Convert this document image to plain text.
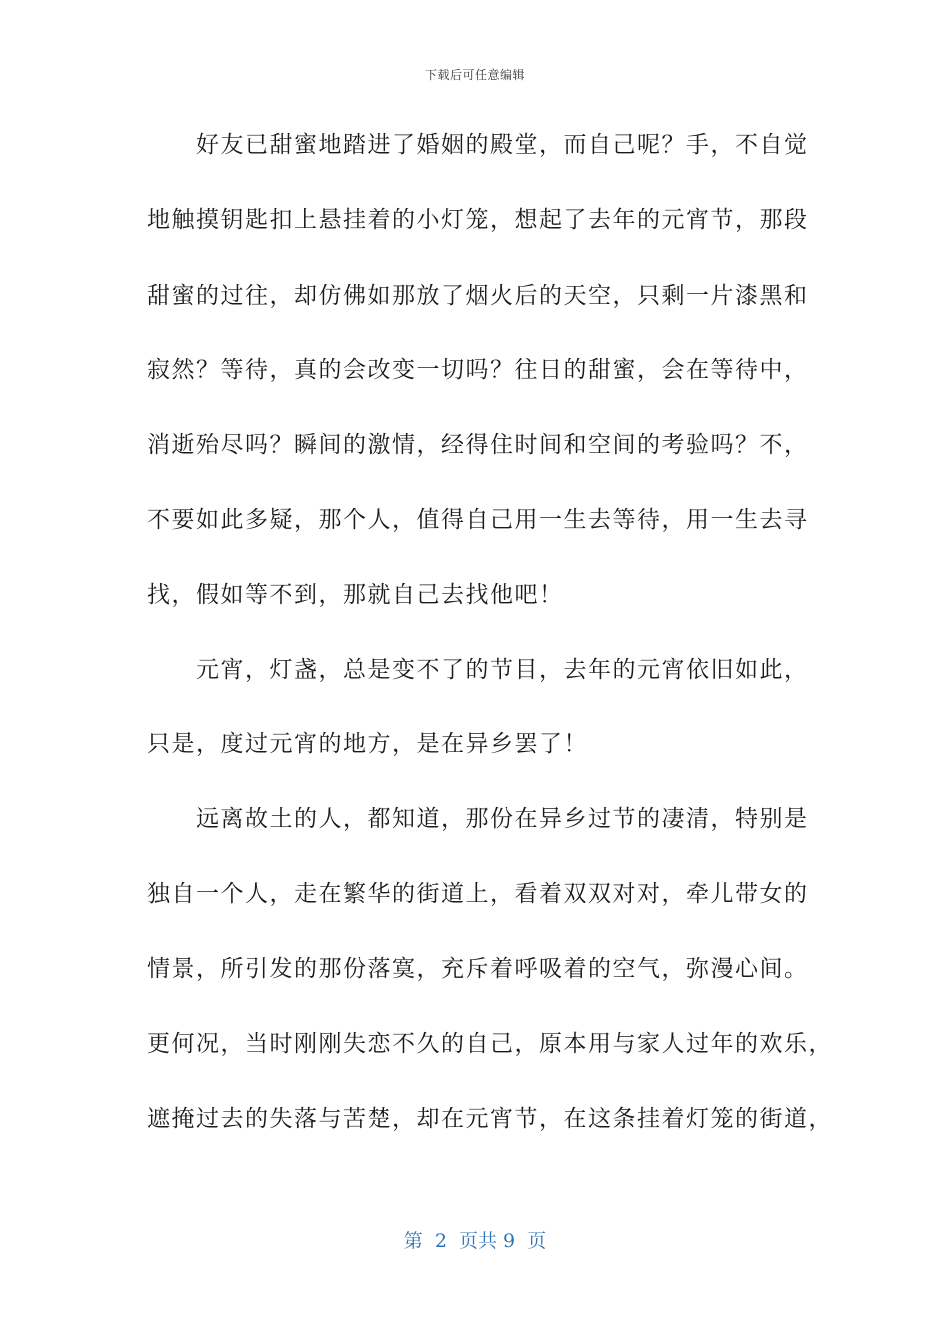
下载后可任意编辑
　　好友已甜蜜地踏进了婚姻的殿堂，而自己呢？手，不自觉
地触摸钥匙扣上悬挂着的小灯笼，想起了去年的元宵节，那段
甜蜜的过往，却仿佛如那放了烟火后的天空，只剩一片漆黑和
寂然？等待，真的会改变一切吗？往日的甜蜜，会在等待中，
消逝殆尽吗？瞬间的激情，经得住时间和空间的考验吗？不，
不要如此多疑，那个人，值得自己用一生去等待，用一生去寻
找，假如等不到，那就自己去找他吧！
　　元宵，灯盏，总是变不了的节目，去年的元宵依旧如此，
只是，度过元宵的地方，是在异乡罢了！
　　远离故土的人，都知道，那份在异乡过节的凄清，特别是
独自一个人，走在繁华的街道上，看着双双对对，牵儿带女的
情景，所引发的那份落寞，充斥着呼吸着的空气，弥漫心间。
更何况，当时刚刚失恋不久的自己，原本用与家人过年的欢乐，
遮掩过去的失落与苦楚，却在元宵节，在这条挂着灯笼的街道，
第  2  页共 9  页
